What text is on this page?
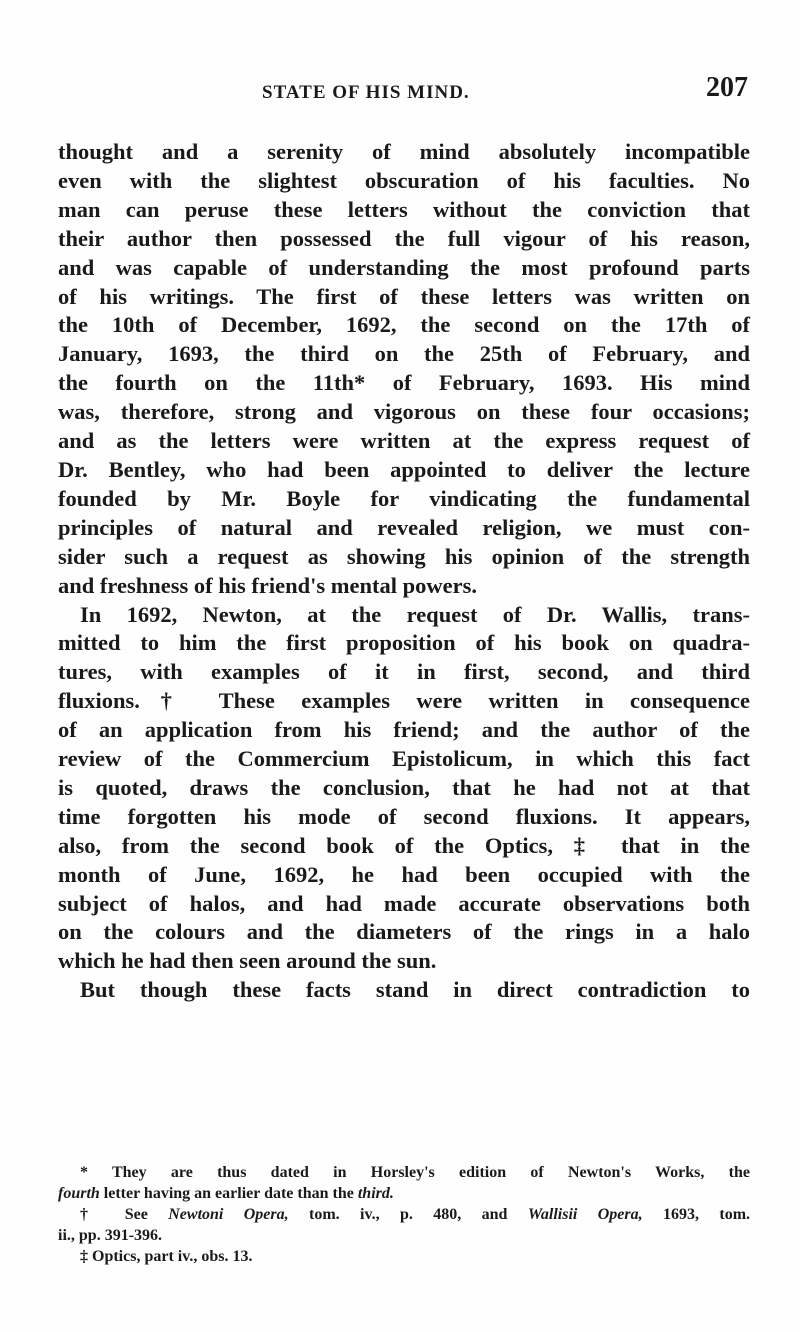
STATE OF HIS MIND.	207
thought and a serenity of mind absolutely incompatible
even with the slightest obscuration of his faculties. No
man can peruse these letters without the conviction that
their author then possessed the full vigour of his reason,
and was capable of understanding the most profound parts
of his writings. The first of these letters was written on
the 10th of December, 1692, the second on the 17th of
January, 1693, the third on the 25th of February, and
the fourth on the 11th* of February, 1693. His mind
was, therefore, strong and vigorous on these four occasions;
and as the letters were written at the express request of
Dr. Bentley, who had been appointed to deliver the lecture
founded by Mr. Boyle for vindicating the fundamental
principles of natural and revealed religion, we must con-
sider such a request as showing his opinion of the strength
and freshness of his friend's mental powers.
In 1692, Newton, at the request of Dr. Wallis, trans-
mitted to him the first proposition of his book on quadra-
tures, with examples of it in first, second, and third
fluxions.† These examples were written in consequence
of an application from his friend; and the author of the
review of the Commercium Epistolicum, in which this fact
is quoted, draws the conclusion, that he had not at that
time forgotten his mode of second fluxions. It appears,
also, from the second book of the Optics, ‡ that in the
month of June, 1692, he had been occupied with the
subject of halos, and had made accurate observations both
on the colours and the diameters of the rings in a halo
which he had then seen around the sun.
But though these facts stand in direct contradiction to
* They are thus dated in Horsley's edition of Newton's Works, the
fourth letter having an earlier date than the third.
† See Newtoni Opera, tom. iv., p. 480, and Wallisii Opera, 1693, tom.
ii., pp. 391-396.
‡ Optics, part iv., obs. 13.
